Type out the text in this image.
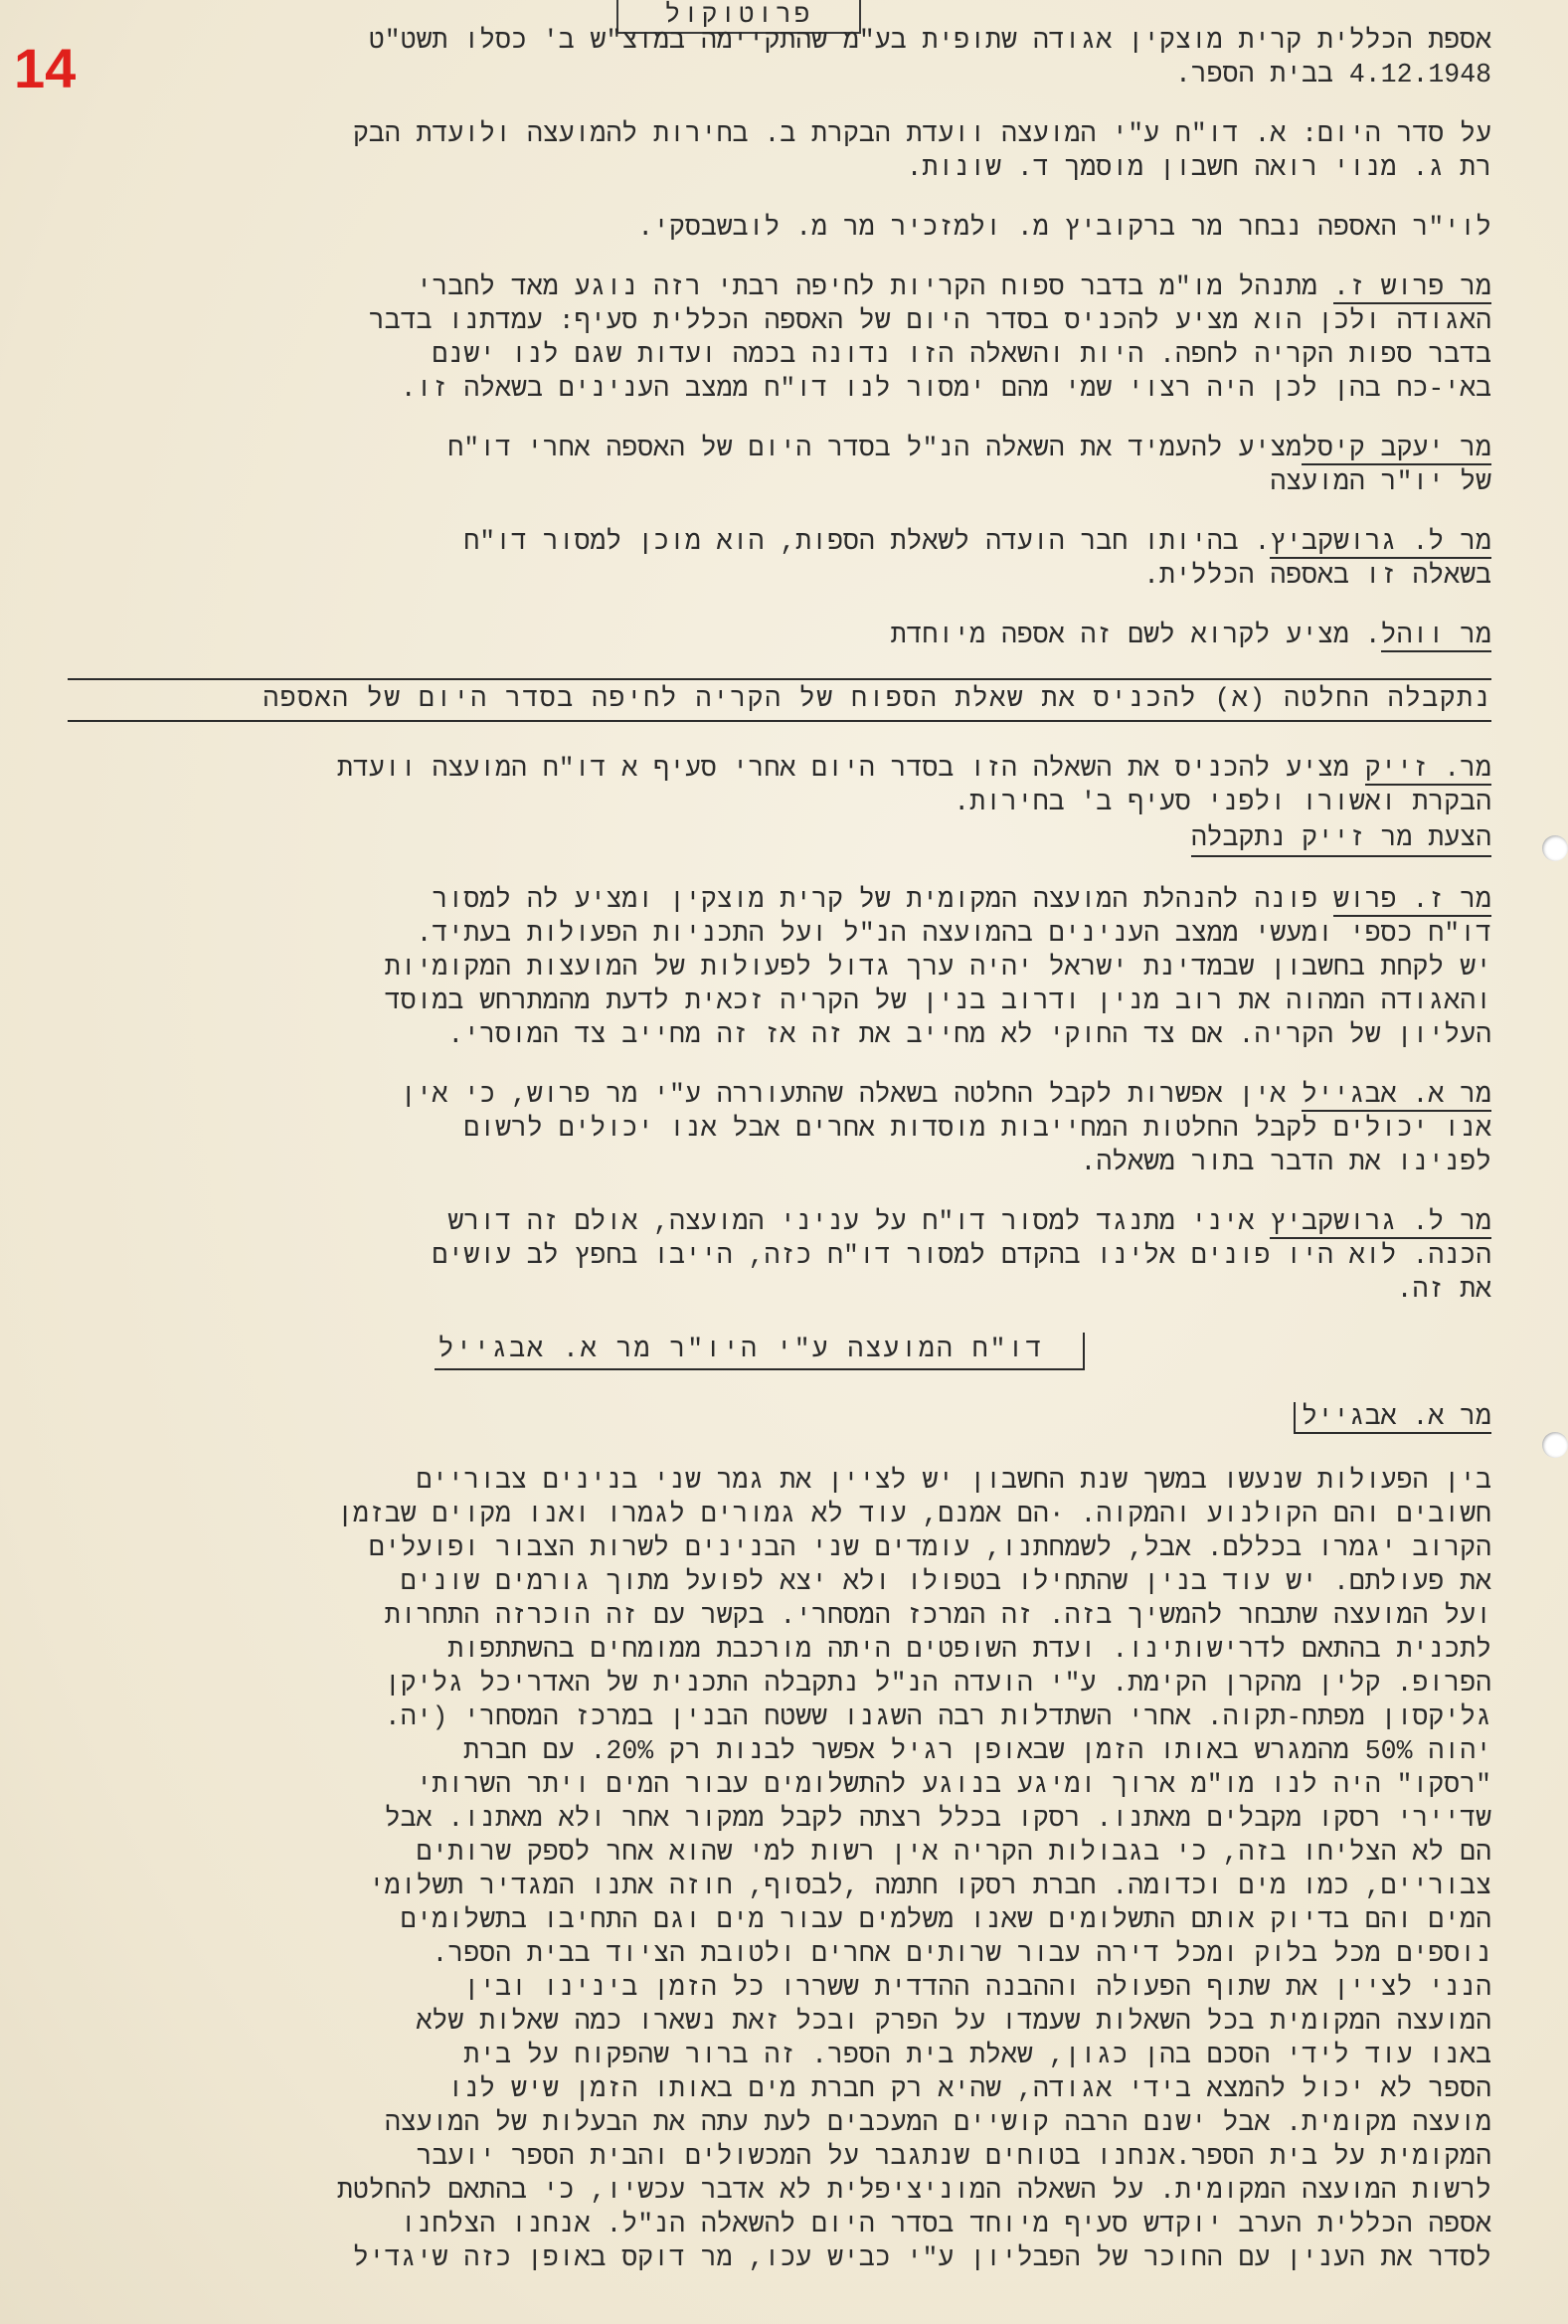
14
פרוטוקול
אספת הכללית קרית מוצקין אגודה שתופית בע"מ שהתקיימה במוצ"ש ב' כסלו תשט"ט
4.12.1948 בבית הספר.
על סדר היום: א. דו"ח ע"י המועצה וועדת הבקרת ב. בחירות להמועצה ולועדת הבק
רת ג. מנוי רואה חשבון מוסמך ד. שונות.
לוי"ר האספה נבחר מר ברקוביץ מ. ולמזכיר מר מ. לובשבסקי.
מר פרוש ז. מתנהל מו"מ בדבר ספוח הקריות לחיפה רבתי רזה נוגע מאד לחברי
האגודה ולכן הוא מציע להכניס בסדר היום של האספה הכללית סעיף: עמדתנו בדבר
בדבר ספות הקריה לחפה. היות והשאלה הזו נדונה בכמה ועדות שגם לנו ישנם
באי-כח בהן לכן היה רצוי שמי מהם ימסור לנו דו"ח ממצב הענינים בשאלה זו.
מר יעקב קיסלמציע להעמיד את השאלה הנ"ל בסדר היום של האספה אחרי דו"ח
של יו"ר המועצה
מר ל. גרושקביץ. בהיותו חבר הועדה לשאלת הספות, הוא מוכן למסור דו"ח
בשאלה זו באספה הכללית.
מר ווהל. מציע לקרוא לשם זה אספה מיוחדת
נתקבלה החלטה (א) להכניס את שאלת הספוח של הקריה לחיפה בסדר היום של האספה
מר. זייק מציע להכניס את השאלה הזו בסדר היום אחרי סעיף א דו"ח המועצה וועדת
הבקרת ואשורו ולפני סעיף ב' בחירות.
הצעת מר זייק נתקבלה
מר ז. פרוש פונה להנהלת המועצה המקומית של קרית מוצקין ומציע לה למסור
דו"ח כספי ומעשי ממצב הענינים בהמועצה הנ"ל ועל התכניות הפעולות בעתיד.
יש לקחת בחשבון שבמדינת ישראל יהיה ערך גדול לפעולות של המועצות המקומיות
והאגודה המהוה את רוב מנין ודרוב בנין של הקריה זכאית לדעת מהמתרחש במוסד
העליון של הקריה. אם צד החוקי לא מחייב את זה אז זה מחייב צד המוסרי.
מר א. אבגייל אין אפשרות לקבל החלטה בשאלה שהתעוררה ע"י מר פרוש, כי אין
אנו יכולים לקבל החלטות המחייבות מוסדות אחרים אבל אנו יכולים לרשום
לפנינו את הדבר בתור משאלה.
מר ל. גרושקביץ איני מתנגד למסור דו"ח על עניני המועצה, אולם זה דורש
הכנה. לוא היו פונים אלינו בהקדם למסור דו"ח כזה, הייבו בחפץ לב עושים
את זה.
דו"ח המועצה ע"י היו"ר מר א. אבגייל
מר א. אבגייל

בין הפעולות שנעשו במשך שנת החשבון יש לציין את גמר שני בנינים צבוריים

חשובים והם הקולנוע והמקוה. ·הם אמנם, עוד לא גמורים לגמרו ואנו מקוים שבזמן

הקרוב יגמרו בכללם. אבל, לשמחתנו, עומדים שני הבנינים לשרות הצבור ופועלים

את פעולתם. יש עוד בנין שהתחילו בטפולו ולא יצא לפועל מתוך גורמים שונים

ועל המועצה שתבחר להמשיך בזה. זה המרכז המסחרי. בקשר עם זה הוכרזה התחרות

לתכנית בהתאם לדרישותינו. ועדת השופטים היתה מורכבת ממומחים בהשתתפות

הפרופ. קלין מהקרן הקימת. ע"י הועדה הנ"ל נתקבלה התכנית של האדריכל גליקן

גליקסון מפתח-תקוה. אחרי השתדלות רבה השגנו ששטח הבנין במרכז המסחרי (יה.

יהוה 50% מהמגרש באותו הזמן שבאופן רגיל אפשר לבנות רק 20%. עם חברת

"רסקו" היה לנו מו"מ ארוך ומיגע בנוגע להתשלומים עבור המים ויתר השרותי

שדיירי רסקו מקבלים מאתנו. רסקו בכלל רצתה לקבל ממקור אחר ולא מאתנו. אבל

הם לא הצליחו בזה, כי בגבולות הקריה אין רשות למי שהוא אחר לספק שרותים

צבוריים, כמו מים וכדומה. חברת רסקו חתמה ,לבסוף, חוזה אתנו המגדיר תשלומי

המים והם בדיוק אותם התשלומים שאנו משלמים עבור מים וגם התחיבו בתשלומים

נוספים מכל בלוק ומכל דירה עבור שרותים אחרים ולטובת הציוד בבית הספר.

הנני לציין את שתוף הפעולה וההבנה ההדדית ששררו כל הזמן בינינו ובין

המועצה המקומית בכל השאלות שעמדו על הפרק ובכל זאת נשארו כמה שאלות שלא

באנו עוד לידי הסכם בהן כגון, שאלת בית הספר. זה ברור שהפקוח על בית

הספר לא יכול להמצא בידי אגודה, שהיא רק חברת מים באותו הזמן שיש לנו

מועצה מקומית. אבל ישנם הרבה קושיים המעכבים לעת עתה את הבעלות של המועצה

המקומית על בית הספר.אנחנו בטוחים שנתגבר על המכשולים והבית הספר יועבר

לרשות המועצה המקומית. על השאלה המוניציפלית לא אדבר עכשיו, כי בהתאם להחלטת

אספה הכללית הערב יוקדש סעיף מיוחד בסדר היום להשאלה הנ"ל. אנחנו הצלחנו

לסדר את הענין עם החוכר של הפבליון ע"י כביש עכו, מר דוקס באופן כזה שיגדיל
